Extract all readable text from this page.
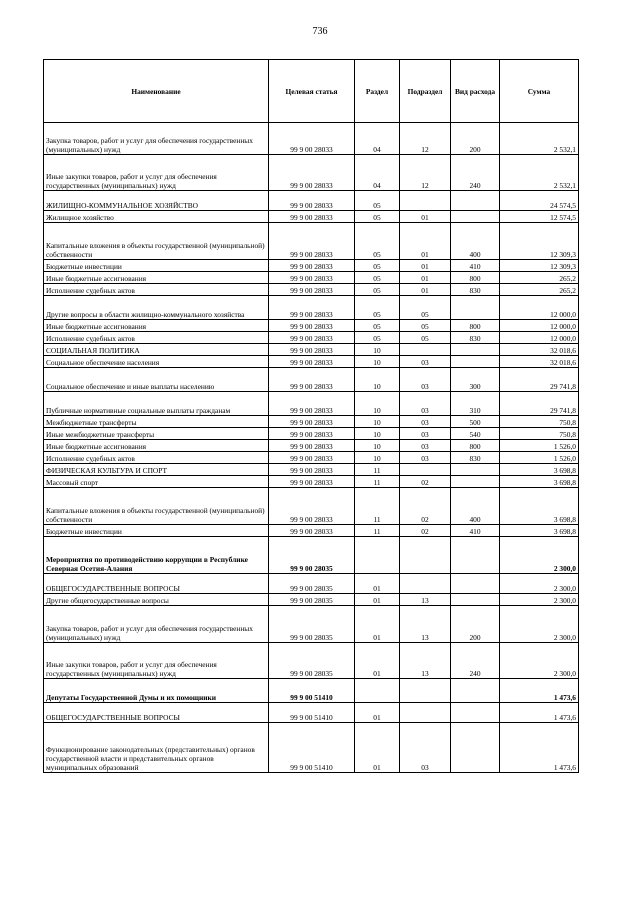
736
Наименование	Целевая статья	Раздел	Подраздел	Вид расхода	Сумма
Закупка товаров, работ и услуг для обеспечения государственных (муниципальных) нужд	99 9 00 28033	04	12	200	2 532,1
Иные закупки товаров, работ и услуг для обеспечения государственных (муниципальных) нужд	99 9 00 28033	04	12	240	2 532,1
ЖИЛИЩНО-КОММУНАЛЬНОЕ ХОЗЯЙСТВО	99 9 00 28033	05			24 574,5
Жилищное хозяйство	99 9 00 28033	05	01		12 574,5
Капитальные вложения в объекты государственной (муниципальной) собственности	99 9 00 28033	05	01	400	12 309,3
Бюджетные инвестиции	99 9 00 28033	05	01	410	12 309,3
Иные бюджетные ассигнования	99 9 00 28033	05	01	800	265,2
Исполнение судебных актов	99 9 00 28033	05	01	830	265,2
Другие вопросы в области жилищно-коммунального хозяйства	99 9 00 28033	05	05		12 000,0
Иные бюджетные ассигнования	99 9 00 28033	05	05	800	12 000,0
Исполнение судебных актов	99 9 00 28033	05	05	830	12 000,0
СОЦИАЛЬНАЯ ПОЛИТИКА	99 9 00 28033	10			32 018,6
Социальное обеспечение населения	99 9 00 28033	10	03		32 018,6
Социальное обеспечение и иные выплаты населению	99 9 00 28033	10	03	300	29 741,8
Публичные нормативные социальные выплаты гражданам	99 9 00 28033	10	03	310	29 741,8
Межбюджетные трансферты	99 9 00 28033	10	03	500	750,8
Иные межбюджетные трансферты	99 9 00 28033	10	03	540	750,8
Иные бюджетные ассигнования	99 9 00 28033	10	03	800	1 526,0
Исполнение судебных актов	99 9 00 28033	10	03	830	1 526,0
ФИЗИЧЕСКАЯ КУЛЬТУРА И СПОРТ	99 9 00 28033	11			3 698,8
Массовый спорт	99 9 00 28033	11	02		3 698,8
Капитальные вложения в объекты государственной (муниципальной) собственности	99 9 00 28033	11	02	400	3 698,8
Бюджетные инвестиции	99 9 00 28033	11	02	410	3 698,8
Мероприятия по противодействию коррупции в Республике Северная Осетия-Алания	99 9 00 28035				2 300,0
ОБЩЕГОСУДАРСТВЕННЫЕ ВОПРОСЫ	99 9 00 28035	01			2 300,0
Другие общегосударственные вопросы	99 9 00 28035	01	13		2 300,0
Закупка товаров, работ и услуг для обеспечения государственных (муниципальных) нужд	99 9 00 28035	01	13	200	2 300,0
Иные закупки товаров, работ и услуг для обеспечения государственных (муниципальных) нужд	99 9 00 28035	01	13	240	2 300,0
Депутаты Государственной Думы и их помощники	99 9 00 51410				1 473,6
ОБЩЕГОСУДАРСТВЕННЫЕ ВОПРОСЫ	99 9 00 51410	01			1 473,6
Функционирование законодательных (представительных) органов государственной власти и представительных органов муниципальных образований	99 9 00 51410	01	03		1 473,6
